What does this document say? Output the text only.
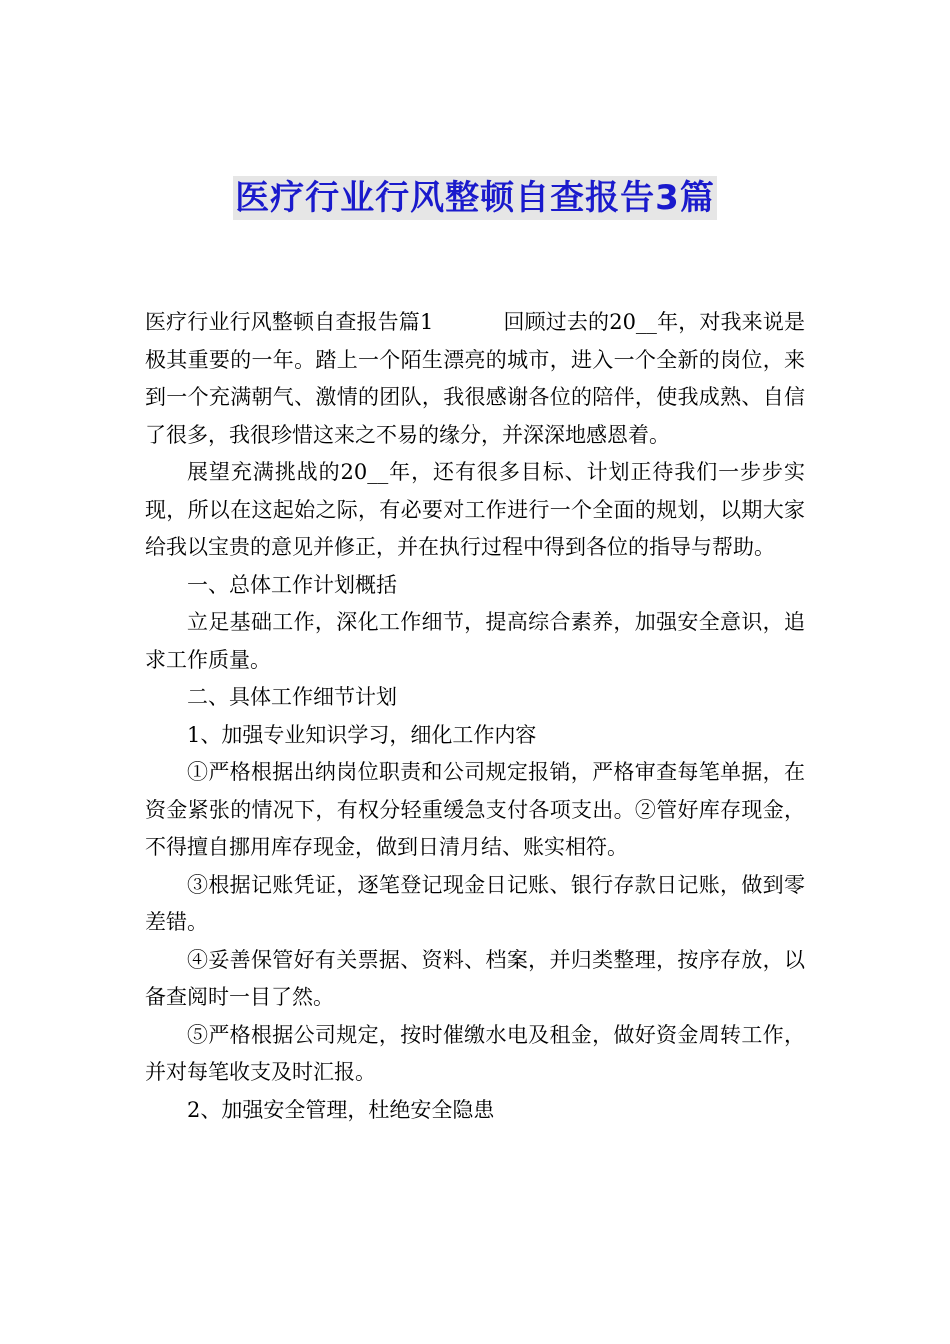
医疗行业行风整顿自查报告3篇

医疗行业行风整顿自查报告篇1	回顾过去的20__年，对我来说是极其重要的一年。踏上一个陌生漂亮的城市，进入一个全新的岗位，来到一个充满朝气、激情的团队，我很感谢各位的陪伴，使我成熟、自信了很多，我很珍惜这来之不易的缘分，并深深地感恩着。

展望充满挑战的20__年，还有很多目标、计划正待我们一步步实现，所以在这起始之际，有必要对工作进行一个全面的规划，以期大家给我以宝贵的意见并修正，并在执行过程中得到各位的指导与帮助。

一、总体工作计划概括

立足基础工作，深化工作细节，提高综合素养，加强安全意识，追求工作质量。

二、具体工作细节计划

1、加强专业知识学习，细化工作内容

①严格根据出纳岗位职责和公司规定报销，严格审查每笔单据，在资金紧张的情况下，有权分轻重缓急支付各项支出。②管好库存现金，不得擅自挪用库存现金，做到日清月结、账实相符。

③根据记账凭证，逐笔登记现金日记账、银行存款日记账，做到零差错。

④妥善保管好有关票据、资料、档案，并归类整理，按序存放，以备查阅时一目了然。

⑤严格根据公司规定，按时催缴水电及租金，做好资金周转工作，并对每笔收支及时汇报。

2、加强安全管理，杜绝安全隐患
